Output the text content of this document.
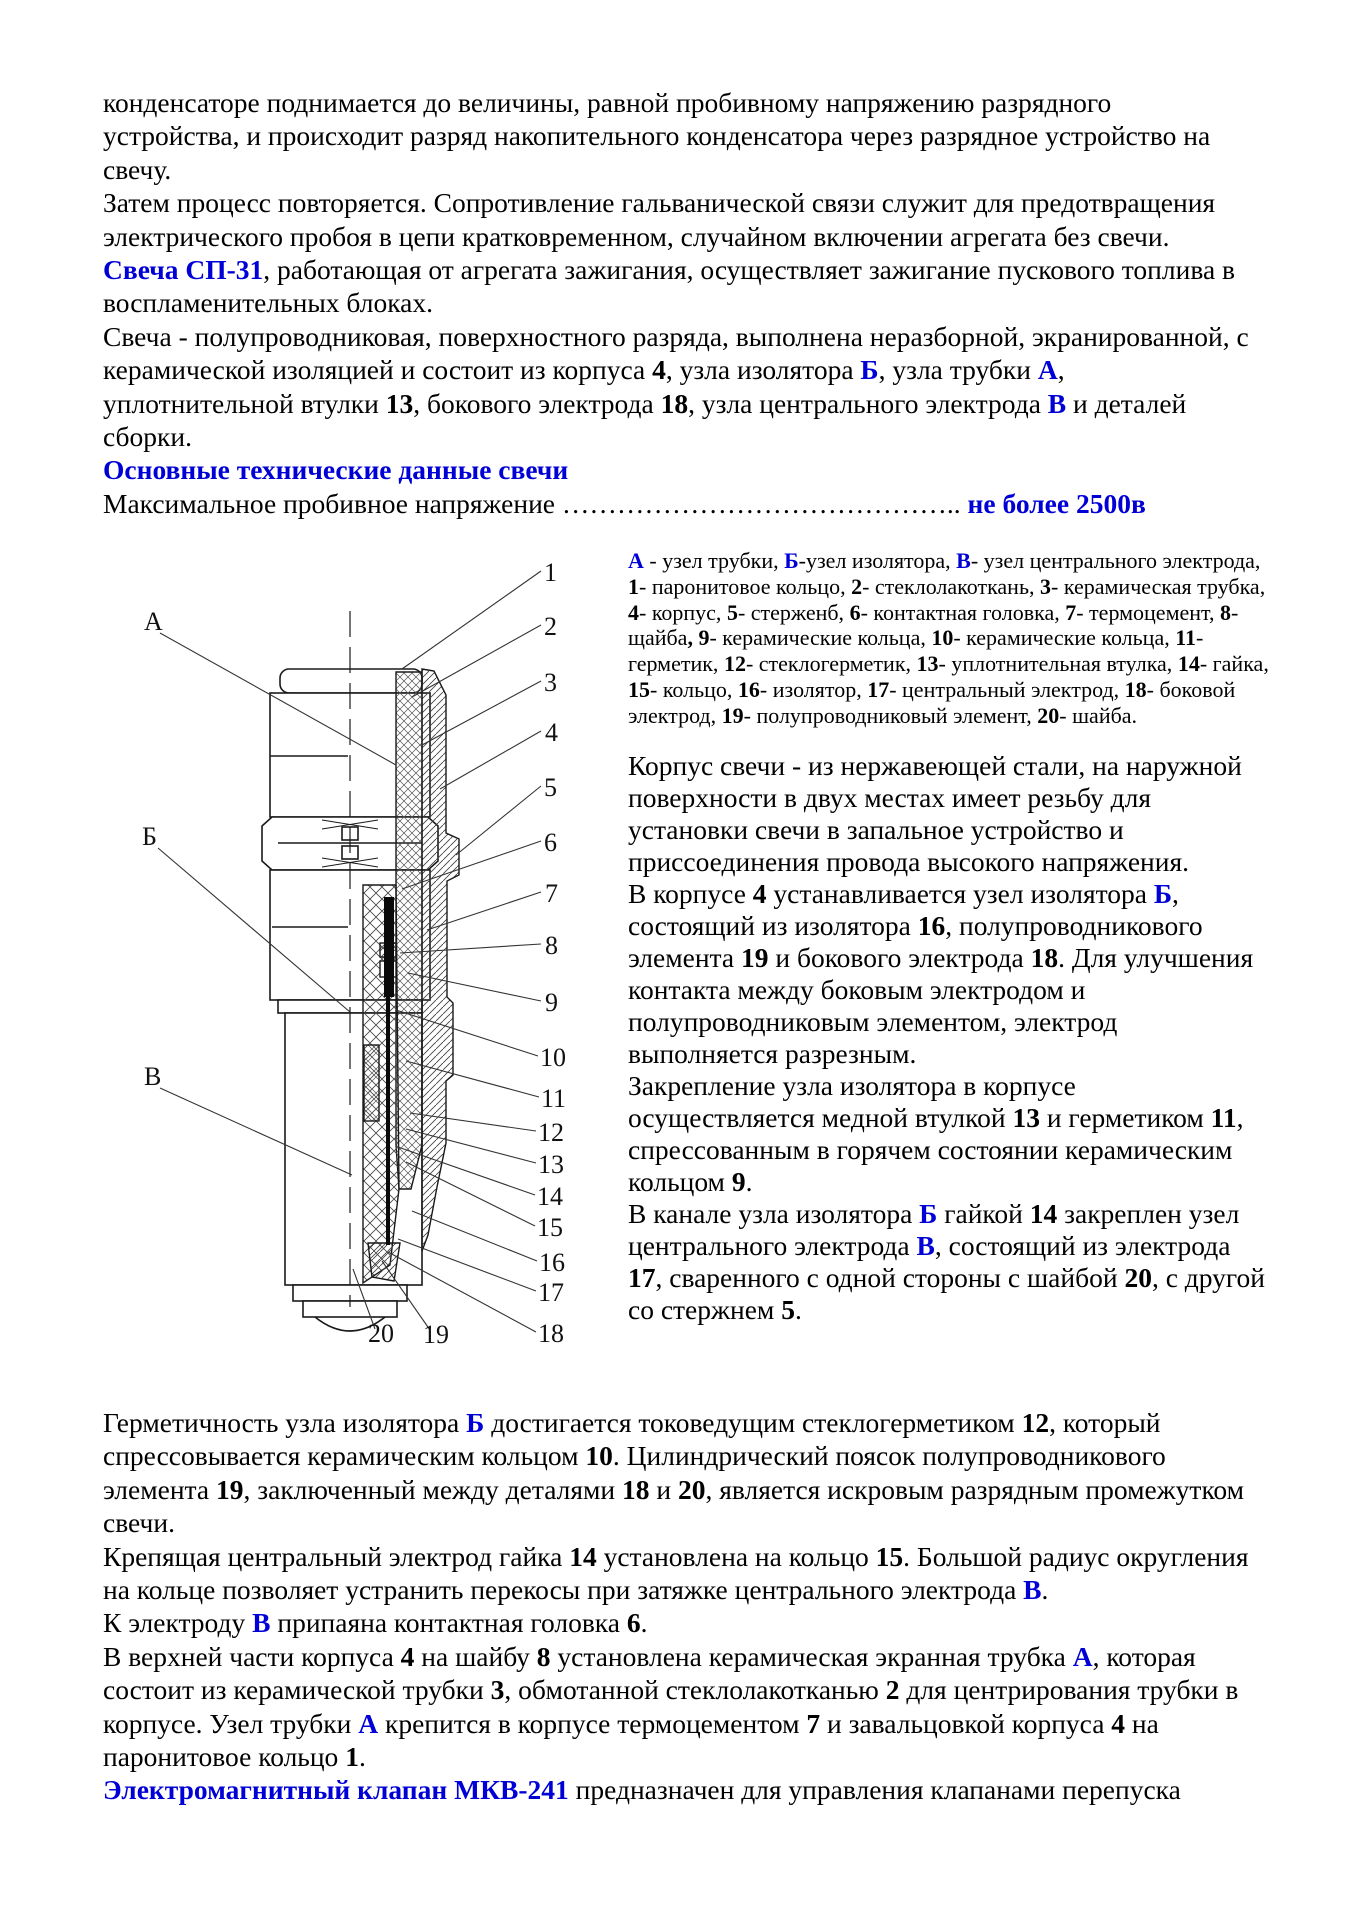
конденсаторе поднимается до величины, равной пробивному напряжению разрядного устройства, и происходит разряд накопительного конденсатора через разрядное устройство на свечу.

Затем процесс повторяется. Сопротивление гальванической связи служит для предотвращения электрического пробоя в цепи кратковременном, случайном включении агрегата без свечи.

Свеча СП-31, работающая от агрегата зажигания, осуществляет зажигание пускового топлива в воспламенительных блоках.

Свеча - полупроводниковая, поверхностного разряда, выполнена неразборной, экранированной, с керамической изоляцией и состоит из корпуса 4, узла изолятора Б, узла трубки А, уплотнительной втулки 13, бокового электрода 18, узла центрального электрода В и деталей сборки.

Основные технические данные свечи

Максимальное пробивное напряжение …………………………………….. не более 2500в

1
2
3
4
5
6
7
8
9
10
11
12
13
14
15
16
17
18
19
20
А
Б
В

А - узел трубки, Б-узел изолятора, В- узел центрального электрода, 1- паронитовое кольцо, 2- стеклолакоткань, 3- керамическая трубка, 4- корпус, 5- стерженб, 6- контактная головка, 7- термоцемент, 8- щайба, 9- керамические кольца, 10- керамические кольца, 11- герметик, 12- стеклогерметик, 13- уплотнительная втулка, 14- гайка, 15- кольцо, 16- изолятор, 17- центральный электрод, 18- боковой электрод, 19- полупроводниковый элемент, 20- шайба.

Корпус свечи - из нержавеющей стали, на наружной поверхности в двух местах имеет резьбу для установки свечи в запальное устройство и приссоединения провода высокого напряжения.

В корпусе 4 устанавливается узел изолятора Б, состоящий из изолятора 16, полупроводникового элемента 19 и бокового электрода 18. Для улучшения контакта между боковым электродом и полупроводниковым элементом, электрод выполняется разрезным.

Закрепление узла изолятора в корпусе осуществляется медной втулкой 13 и герметиком 11, спрессованным в горячем состоянии керамическим кольцом 9.

В канале узла изолятора Б гайкой 14 закреплен узел центрального электрода В, состоящий из электрода 17, сваренного с одной стороны с шайбой 20, с другой со стержнем 5.

Герметичность узла изолятора Б достигается токоведущим стеклогерметиком 12, который спрессовывается керамическим кольцом 10. Цилиндрический поясок полупроводникового элемента 19, заключенный между деталями 18 и 20, является искровым разрядным промежутком свечи.

Крепящая центральный электрод гайка 14 установлена на кольцо 15. Большой радиус округления на кольце позволяет устранить перекосы при затяжке центрального электрода В.

К электроду В припаяна контактная головка 6.

В верхней части корпуса 4 на шайбу 8 установлена керамическая экранная трубка А, которая состоит из керамической трубки 3, обмотанной стеклолакотканью 2 для центрирования трубки в корпусе. Узел трубки А крепится в корпусе термоцементом 7 и завальцовкой корпуса 4 на паронитовое кольцо 1.

Электромагнитный клапан МКВ-241 предназначен для управления клапанами перепуска
